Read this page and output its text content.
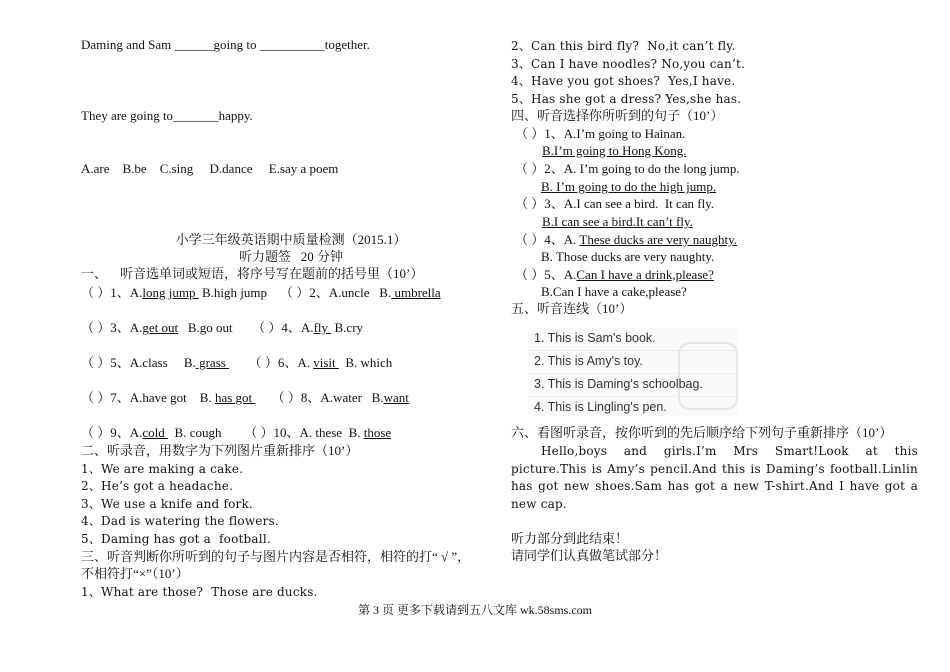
Daming and Sam ______going to __________together.
They are going to_______happy.
A.are    B.be    C.sing     D.dance     E.say a poem
小学三年级英语期中质量检测（2015.1）
听力题签   20 分钟
一、    听音选单词或短语，将序号写在题前的括号里（10’）
（ ）1、A.long jump  B.high jump    （ ）2、A.uncle   B. umbrella
（ ）3、A.get out   B.go out      （ ）4、A.fly  B.cry
（ ）5、A.class     B. grass       （ ）6、A. visit   B. which
（ ）7、A.have got    B. has got      （ ）8、A.water   B.want
（ ）9、A.cold   B. cough       （ ）10、A. these  B. those
二、听录音，用数字为下列图片重新排序（10’）
1、We are making a cake.
2、He’s got a headache.
3、We use a knife and fork.
4、Dad is watering the flowers.
5、Daming has got a  football.
三、听音判断你所听到的句子与图片内容是否相符，相符的打“ √ ”，
不相符打“×”（10’）
1、What are those?  Those are ducks.
2、Can this bird fly?  No,it can’t fly.
3、Can I have noodles? No,you can’t.
4、Have you got shoes?  Yes,I have.
5、Has she got a dress? Yes,she has.
四、听音选择你所听到的句子（10’）
（ ）1、A.I’m going to Hainan.
B.I’m going to Hong Kong.
（ ）2、A. I’m going to do the long jump.
B. I’m going to do the high jump.
（ ）3、A.I can see a bird.  It can fly.
B.I can see a bird.It can’t fly.
（ ）4、A. These ducks are very naughty.
B. Those ducks are very naughty.
（ ）5、A.Can I have a drink,please?
B.Can I have a cake,please?
五、听音连线（10’）
1. This is Sam's book.
2. This is Amy's toy.
3. This is Daming's schoolbag.
4. This is Lingling's pen.
六、看图听录音，按你听到的先后顺序给下列句子重新排序（10’）
Hello,boys and girls.I’m Mrs Smart!Look at this picture.This is Amy’s pencil.And this is Daming’s football.Linlin has got new shoes.Sam has got a new T-shirt.And I have got a new cap.
听力部分到此结束！
请同学们认真做笔试部分！
第 3 页 更多下载请到五八文库 wk.58sms.com
